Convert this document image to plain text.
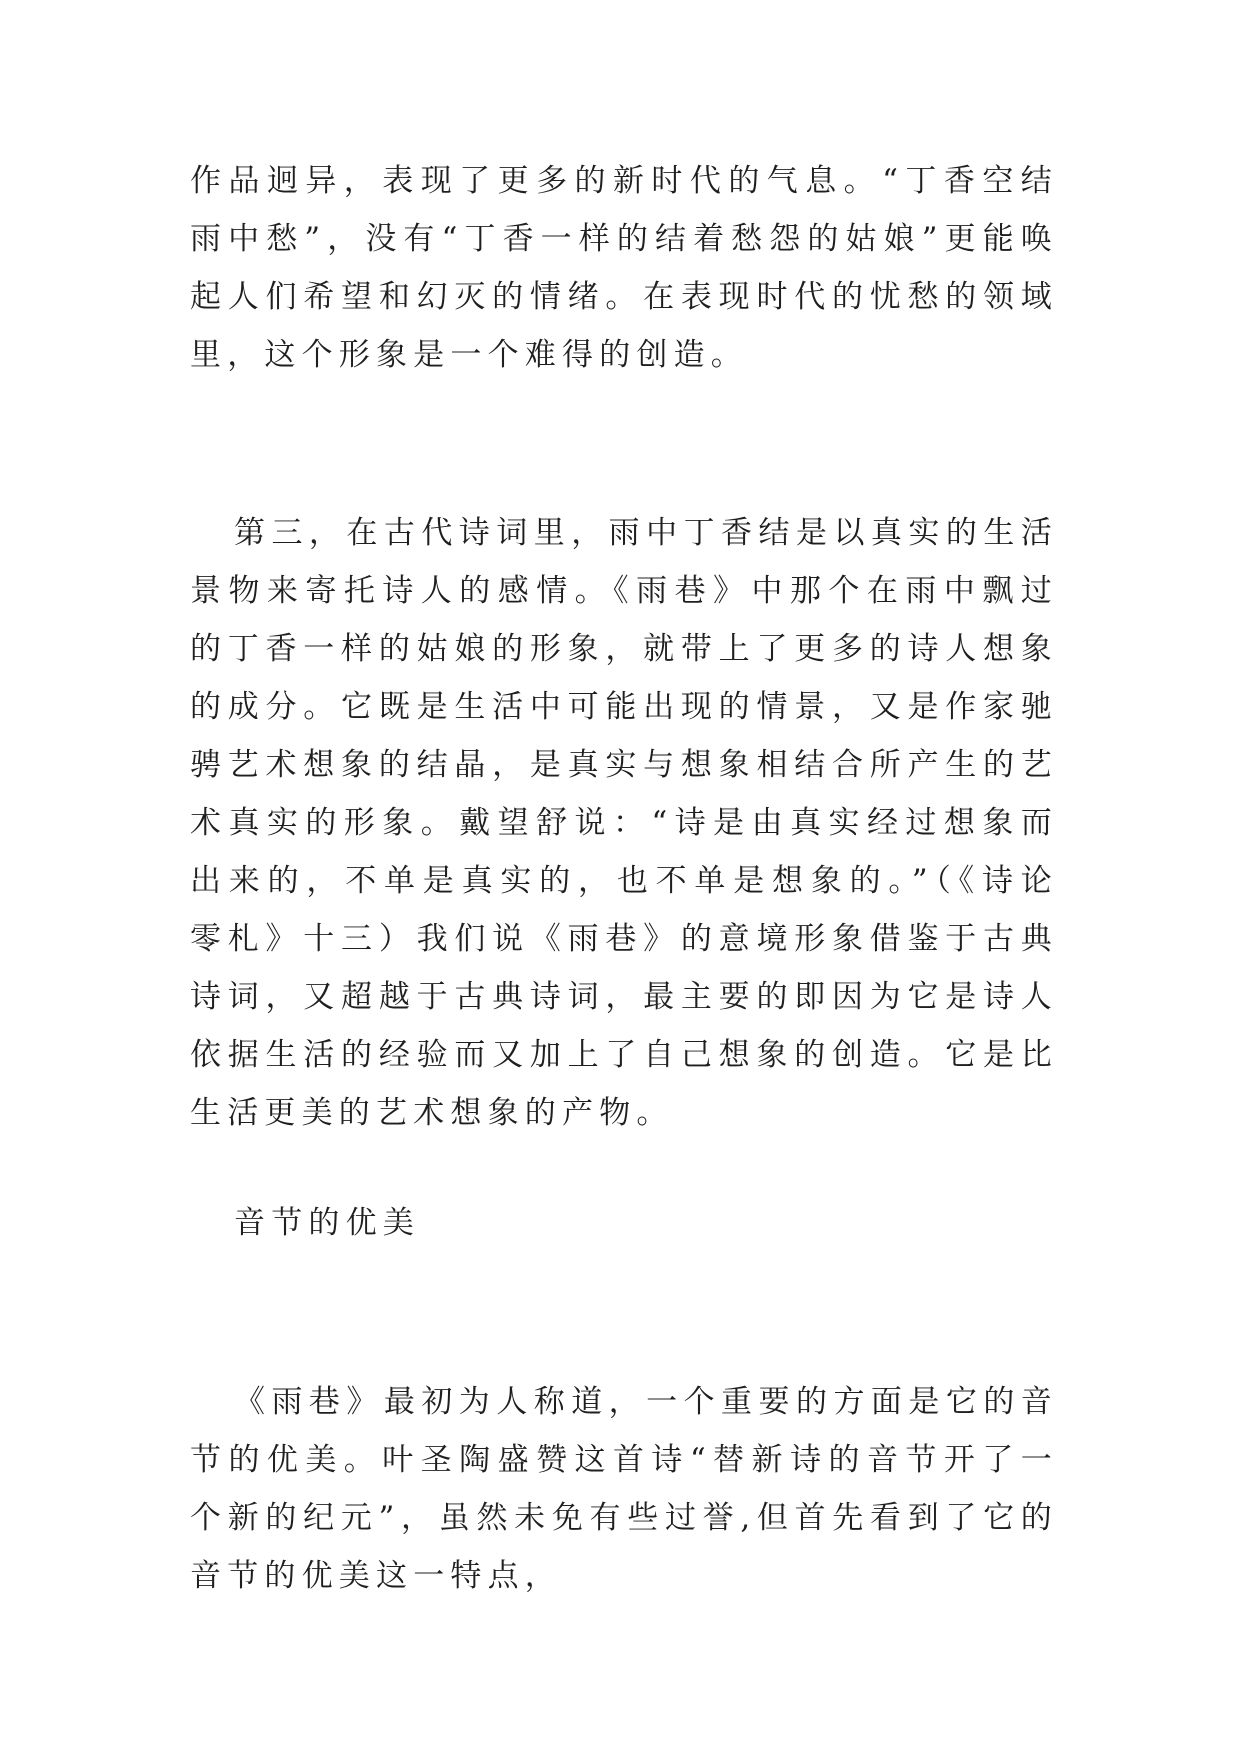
作品迥异，表现了更多的新时代的气息。“丁香空结雨中愁”，没有“丁香一样的结着愁怨的姑娘”更能唤起人们希望和幻灭的情绪。在表现时代的忧愁的领域里，这个形象是一个难得的创造。

第三，在古代诗词里，雨中丁香结是以真实的生活景物来寄托诗人的感情。《雨巷》中那个在雨中飘过的丁香一样的姑娘的形象，就带上了更多的诗人想象的成分。它既是生活中可能出现的情景，又是作家驰骋艺术想象的结晶，是真实与想象相结合所产生的艺术真实的形象。戴望舒说：“诗是由真实经过想象而出来的，不单是真实的，也不单是想象的。”（《诗论零札》十三）我们说《雨巷》的意境形象借鉴于古典诗词，又超越于古典诗词，最主要的即因为它是诗人依据生活的经验而又加上了自己想象的创造。它是比生活更美的艺术想象的产物。

音节的优美

《雨巷》最初为人称道，一个重要的方面是它的音节的优美。叶圣陶盛赞这首诗“替新诗的音节开了一个新的纪元”，虽然未免有些过誉,但首先看到了它的音节的优美这一特点，
